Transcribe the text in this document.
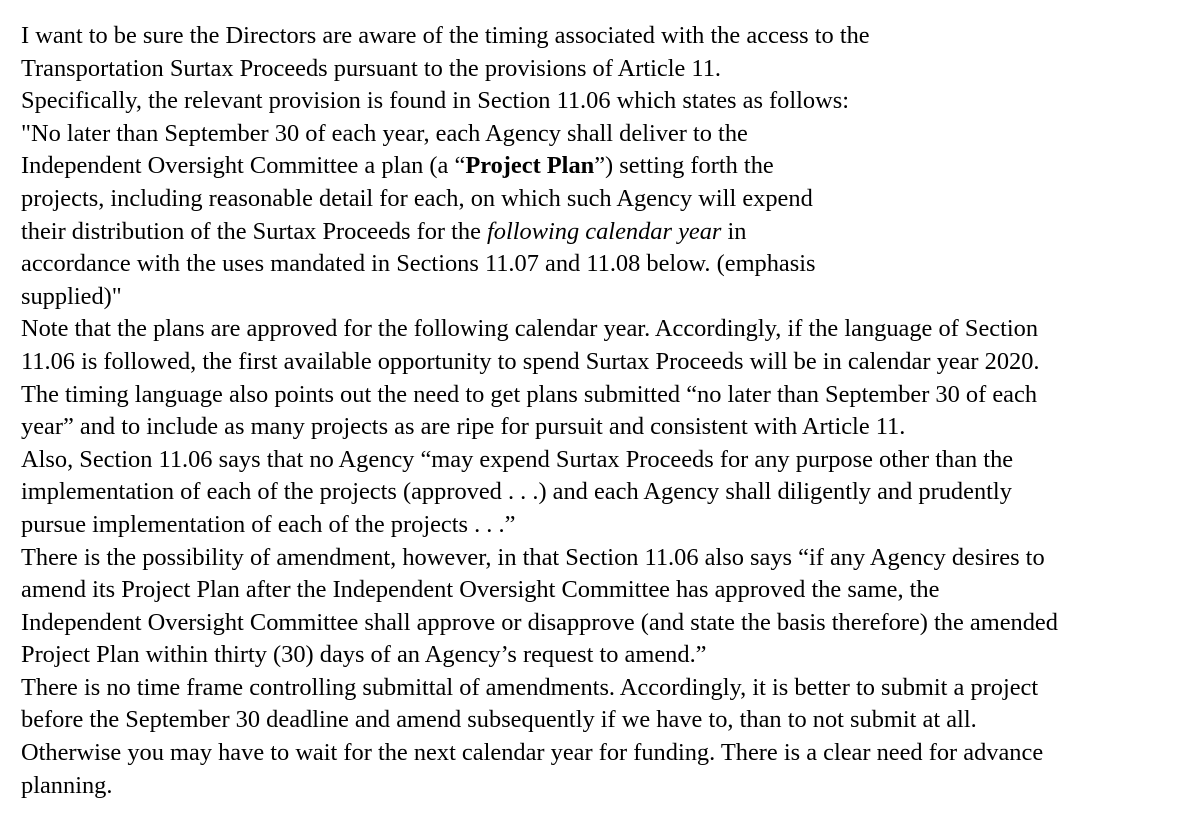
I want to be sure the Directors are aware of the timing associated with the access to the
Transportation Surtax Proceeds pursuant to the provisions of Article 11.
Specifically, the relevant provision is found in Section 11.06 which states as follows:
"No later than September 30 of each year, each Agency shall deliver to the
Independent Oversight Committee a plan (a “Project Plan”) setting forth the
projects, including reasonable detail for each, on which such Agency will expend
their distribution of the Surtax Proceeds for the following calendar year in
accordance with the uses mandated in Sections 11.07 and 11.08 below. (emphasis
supplied)"
Note that the plans are approved for the following calendar year. Accordingly, if the language of Section
11.06 is followed, the first available opportunity to spend Surtax Proceeds will be in calendar year 2020.
The timing language also points out the need to get plans submitted “no later than September 30 of each
year” and to include as many projects as are ripe for pursuit and consistent with Article 11.
Also, Section 11.06 says that no Agency “may expend Surtax Proceeds for any purpose other than the
implementation of each of the projects (approved . . .) and each Agency shall diligently and prudently
pursue implementation of each of the projects . . .”
There is the possibility of amendment, however, in that Section 11.06 also says “if any Agency desires to
amend its Project Plan after the Independent Oversight Committee has approved the same, the
Independent Oversight Committee shall approve or disapprove (and state the basis therefore) the amended
Project Plan within thirty (30) days of an Agency’s request to amend.”
There is no time frame controlling submittal of amendments. Accordingly, it is better to submit a project
before the September 30 deadline and amend subsequently if we have to, than to not submit at all.
Otherwise you may have to wait for the next calendar year for funding. There is a clear need for advance
planning.
